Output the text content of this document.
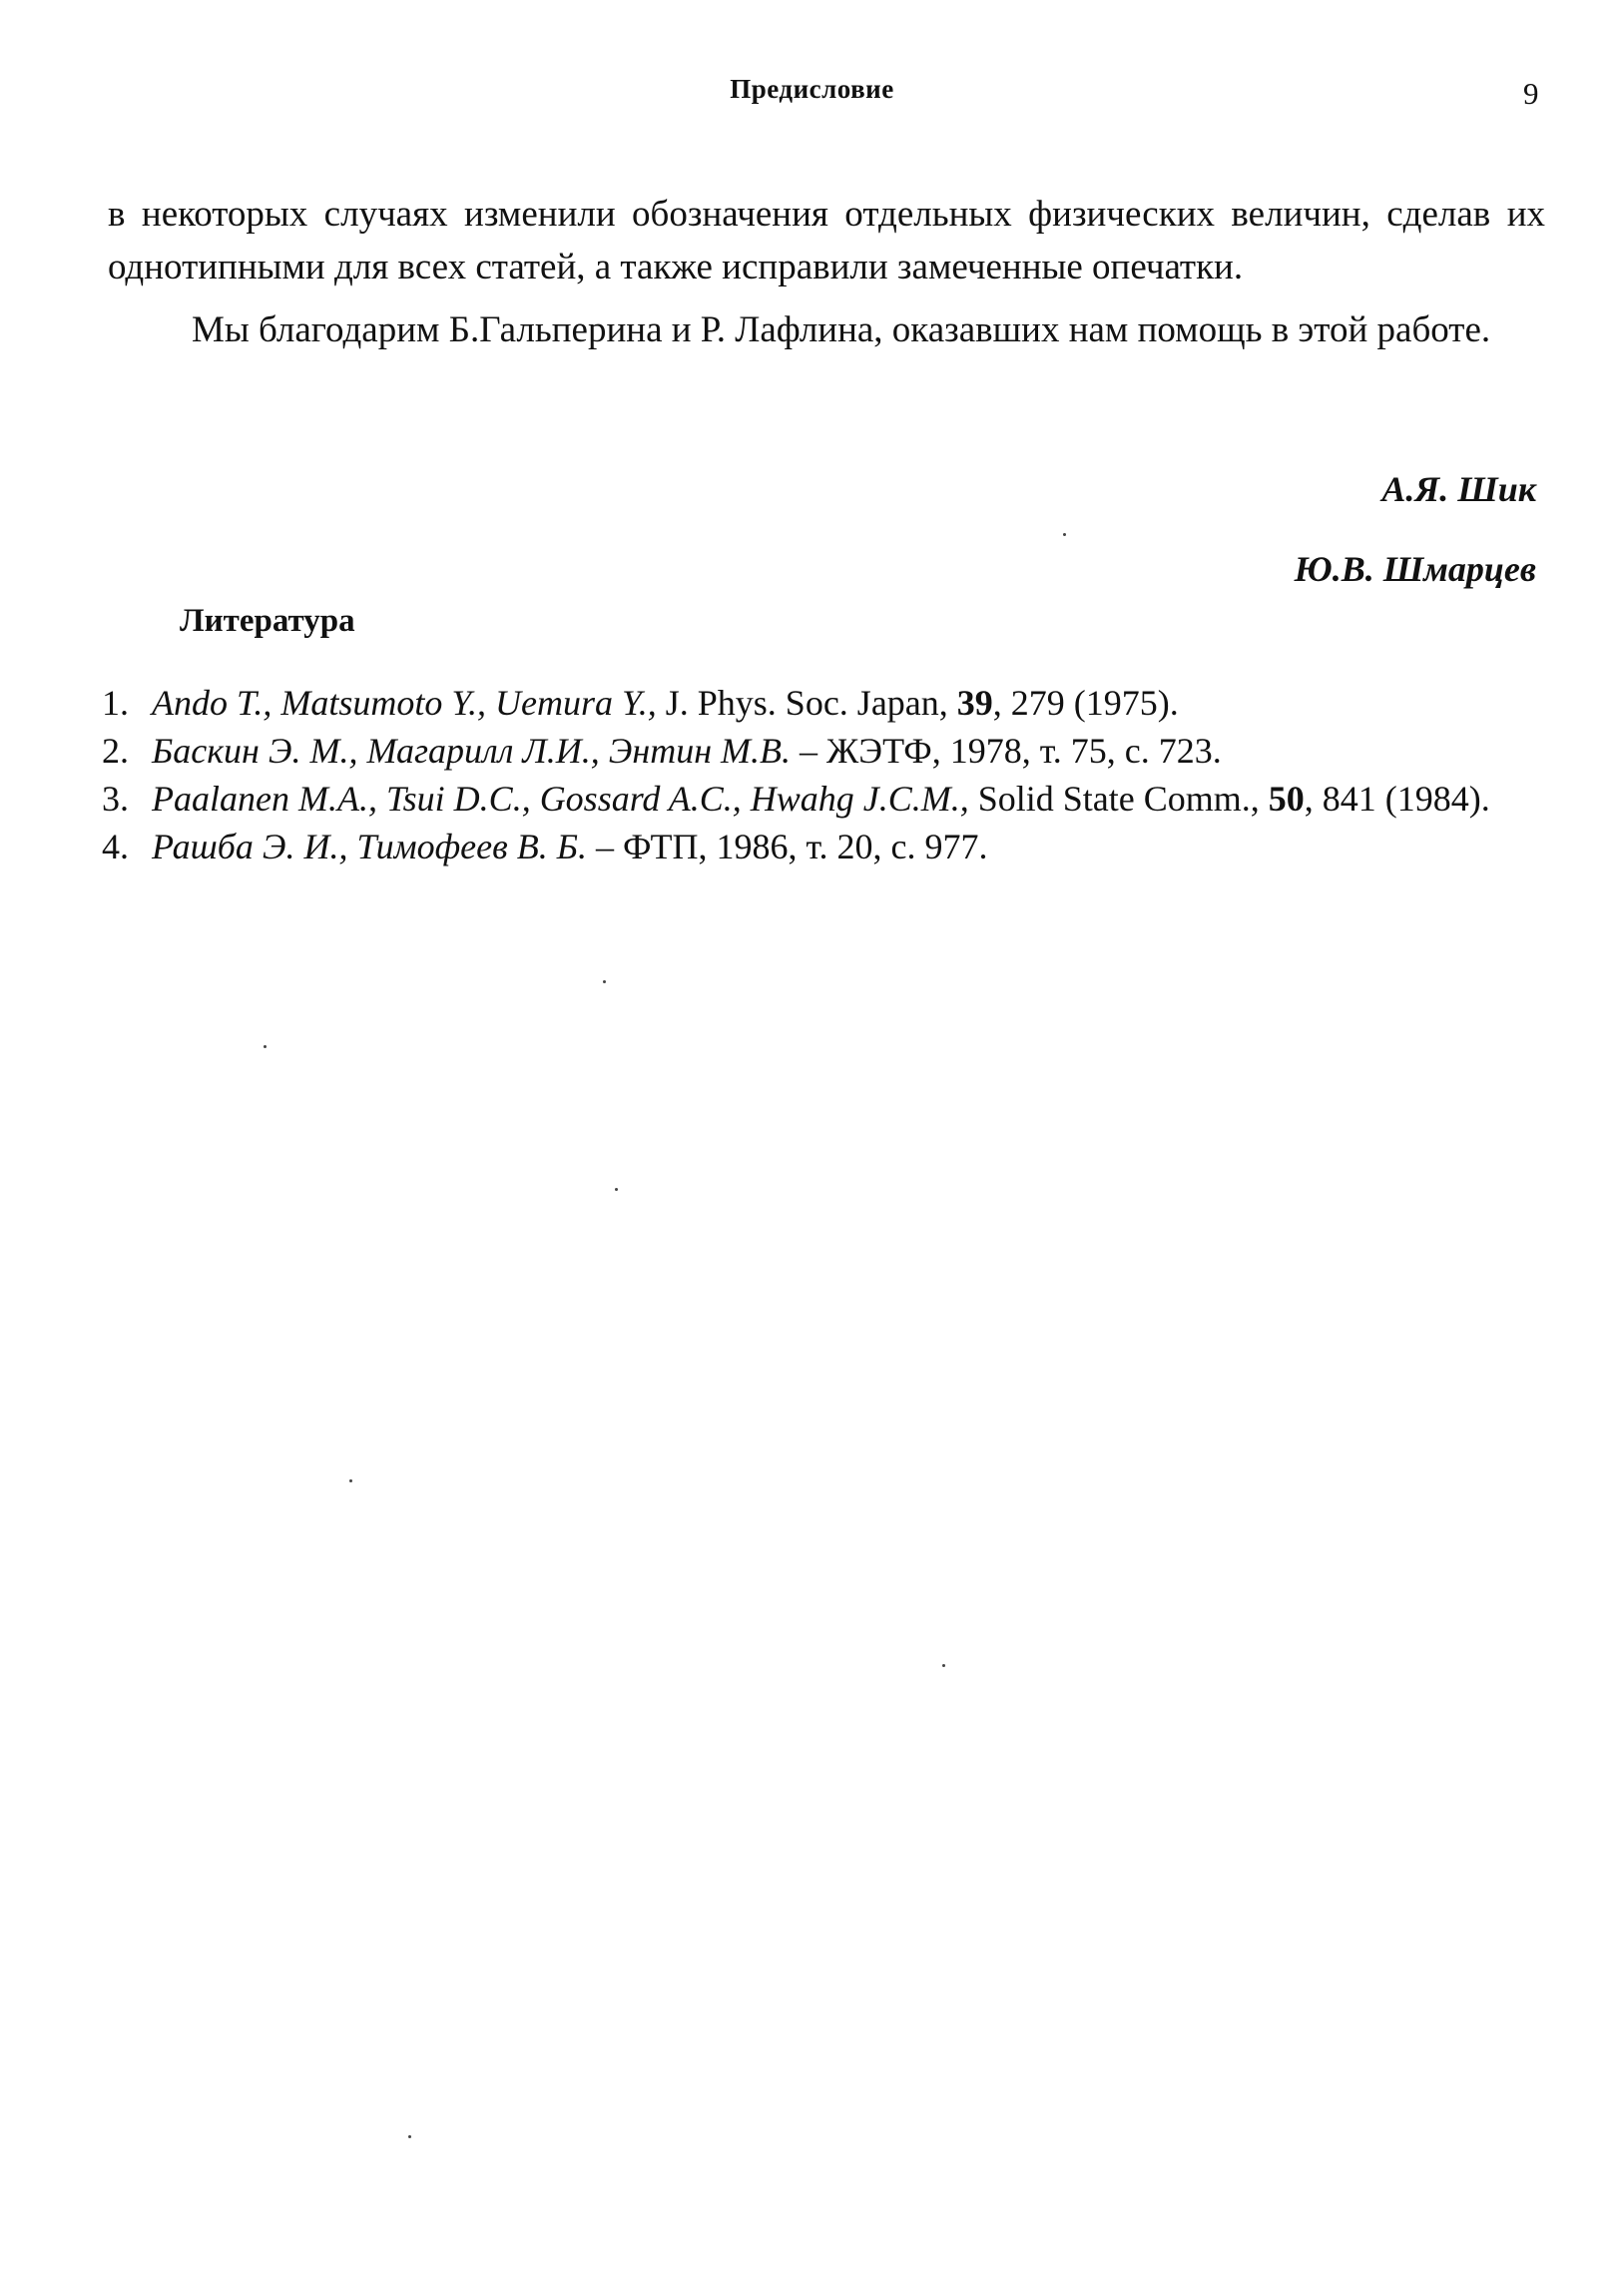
Предисловие	9

в некоторых случаях изменили обозначения отдельных физических величин, сделав их однотипными для всех статей, а также исправили замеченные опечатки.

Мы благодарим Б.Гальперина и Р. Лафлина, оказавших нам помощь в этой работе.

А.Я. Шик
Ю.В. Шмарцев
Литература
1. Ando T., Matsumoto Y., Uemura Y., J. Phys. Soc. Japan, 39, 279 (1975).
2. Баскин Э. М., Магарилл Л.И., Энтин М.В. – ЖЭТФ, 1978, т. 75, с. 723.
3. Paalanen M.A., Tsui D.C., Gossard A.C., Hwahg J.C.M., Solid State Comm., 50, 841 (1984).
4. Рашба Э. И., Тимофеев В. Б. – ФТП, 1986, т. 20, с. 977.
